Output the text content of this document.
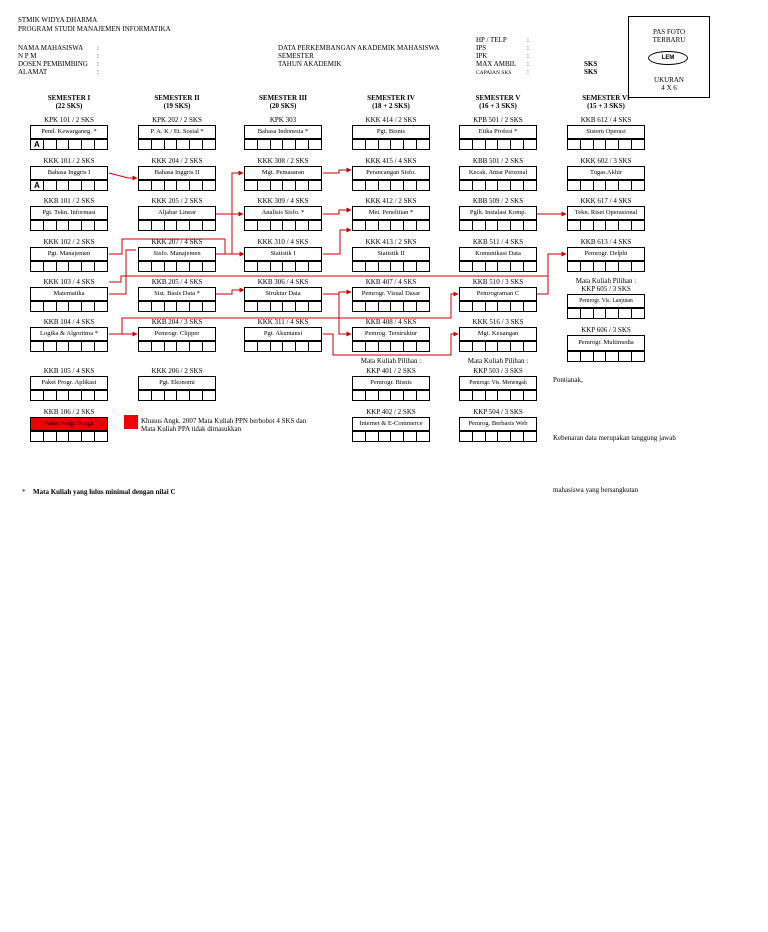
STMIK WIDYA DHARMA
PROGRAM STUDI MANAJEMEN INFORMATIKA
NAMA MAHASISWA
N P M
DOSEN PEMBIMBING
ALAMAT
:
:
:
:
DATA PERKEMBANGAN AKADEMIK MAHASISWA
SEMESTER
TAHUN AKADEMIK
HP / TELP
IPS
IPK
MAX AMBIL
CAPAIAN SKS
:
:
:
:
:
SKS
SKS
PAS FOTO
TERBARU
LEM
UKURAN
4 X 6
SEMESTER I
(22 SKS)
SEMESTER II
(19 SKS)
SEMESTER III
(20 SKS)
SEMESTER IV
(18 + 2 SKS)
SEMESTER V
(16 + 3 SKS)
SEMESTER VI
(15 + 3 SKS)
KPK 101 / 2 SKS
Pend. Kewarganeg. *
A
KKK 101 / 2 SKS
Bahasa Inggris I
A
KKB 101 / 2 SKS
Pgt. Tekn. Informasi
KKK 102 / 2 SKS
Pgt. Manajemen
KKK 103 / 4 SKS
Matematika
KKB 104 / 4 SKS
Logika & Algoritma *
KKB 105 / 4 SKS
Paket Progr. Aplikasi
KKB 106 / 2 SKS
Paket Progr. Niaga
KPK 202 / 2 SKS
P. A. K / Et. Sosial *
KKK 204 / 2 SKS
Bahasa Inggris II
KKK 205 / 2 SKS
Aljabar Linear
KKK 207 / 4 SKS
Sisfo. Manajemen
KKB 205 / 4 SKS
Sist. Basis Data *
KKB 204 / 3 SKS
Pemrogr. Clipper
KKK 206 / 2 SKS
Pgt. Ekonomi
KPK 303
Bahasa Indonesia *
KKK 308 / 2 SKS
Mgt. Pemasaran
KKK 309 / 4 SKS
Analisis Sisfo. *
KKK 310 / 4 SKS
Statistik I
KKB 306 / 4 SKS
Struktur Data
KKK 311 / 4 SKS
Pgt. Akuntansi
KKK 414 / 2 SKS
Pgt. Bisnis
KKK 415 / 4 SKS
Perancangan Sisfo.
KKK 412 / 2 SKS
Met. Penelitian *
KKK 413 / 2 SKS
Statistik II
KKB 407 / 4 SKS
Pemrogr. Visual Dasar
KKB 408 / 4 SKS
Pemrog. Terstruktur
Mata Kuliah Pilihan :
KKP 401 / 2 SKS
Pemrogr. Bisnis
KKP 402 / 2 SKS
Internet & E-Commerce
KPB 501 / 2 SKS
Etika Profesi *
KBB 501 / 2 SKS
Kecak. Antar Personal
KBB 509 / 2 SKS
Pglh. Instalasi Komp.
KKB 511 / 4 SKS
Komunikasi Data
KKB 510 / 3 SKS
Pemrograman C
KKK 516 / 3 SKS
Mgt. Keuangan
Mata Kuliah Pilihan :
KKP 503 / 3 SKS
Pemrogr. Vis. Menengah
KKP 504 / 3 SKS
Pemrog. Berbasis Web
KKB 612 / 4 SKS
Sistem Operasi
KKK 602 / 3 SKS
Tugas Akhir
KKK 617 / 4 SKS
Tekn. Riset Operasional
KKB 613 / 4 SKS
Pemrogr. Delphi
Mata Kuliah Pilihan :
KKP 605 / 3 SKS
Pemrogr. Vis. Lanjutan
KKP 606 / 3 SKS
Pemrogr. Multimedia
Khusus Angk. 2007 Mata Kuliah PPN berbobot 4 SKS dan
Mata Kuliah PPA tidak dimasukkan
Pontianak,
Kebenaran data merupakan tanggung jawab
mahasiswa yang bersangkutan
* Mata Kuliah yang lulus minimal dengan nilai C
